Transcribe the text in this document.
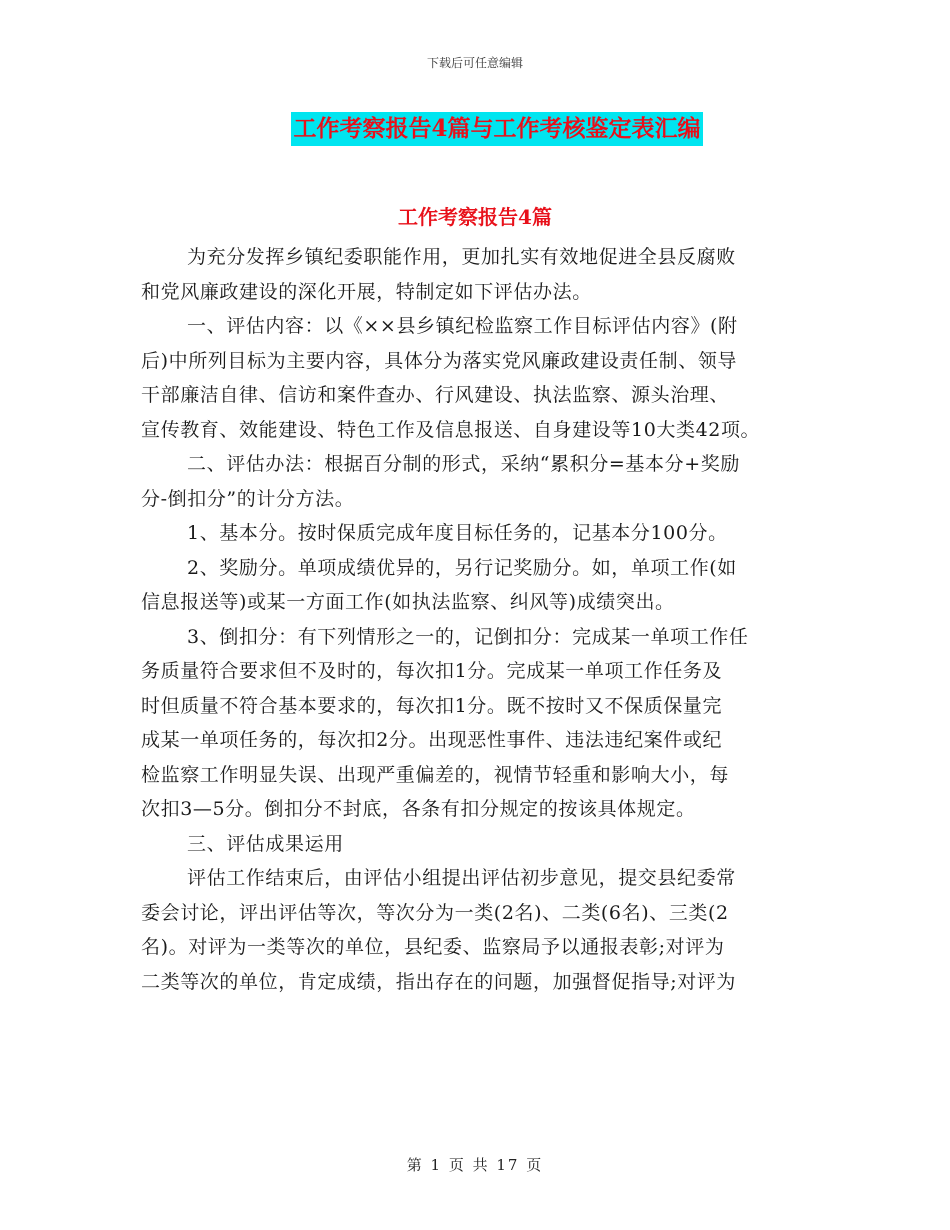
下载后可任意编辑
工作考察报告4篇与工作考核鉴定表汇编
工作考察报告4篇
为充分发挥乡镇纪委职能作用，更加扎实有效地促进全县反腐败
和党风廉政建设的深化开展，特制定如下评估办法。
一、评估内容：以《××县乡镇纪检监察工作目标评估内容》(附
后)中所列目标为主要内容，具体分为落实党风廉政建设责任制、领导
干部廉洁自律、信访和案件查办、行风建设、执法监察、源头治理、
宣传教育、效能建设、特色工作及信息报送、自身建设等10大类42项。
二、评估办法：根据百分制的形式，采纳“累积分=基本分+奖励
分-倒扣分”的计分方法。
1、基本分。按时保质完成年度目标任务的，记基本分100分。
2、奖励分。单项成绩优异的，另行记奖励分。如，单项工作(如
信息报送等)或某一方面工作(如执法监察、纠风等)成绩突出。
3、倒扣分：有下列情形之一的，记倒扣分：完成某一单项工作任
务质量符合要求但不及时的，每次扣1分。完成某一单项工作任务及
时但质量不符合基本要求的，每次扣1分。既不按时又不保质保量完
成某一单项任务的，每次扣2分。出现恶性事件、违法违纪案件或纪
检监察工作明显失误、出现严重偏差的，视情节轻重和影响大小，每
次扣3—5分。倒扣分不封底，各条有扣分规定的按该具体规定。
三、评估成果运用
评估工作结束后，由评估小组提出评估初步意见，提交县纪委常
委会讨论，评出评估等次，等次分为一类(2名)、二类(6名)、三类(2
名)。对评为一类等次的单位，县纪委、监察局予以通报表彰;对评为
二类等次的单位，肯定成绩，指出存在的问题，加强督促指导;对评为
第 1 页 共 17 页
